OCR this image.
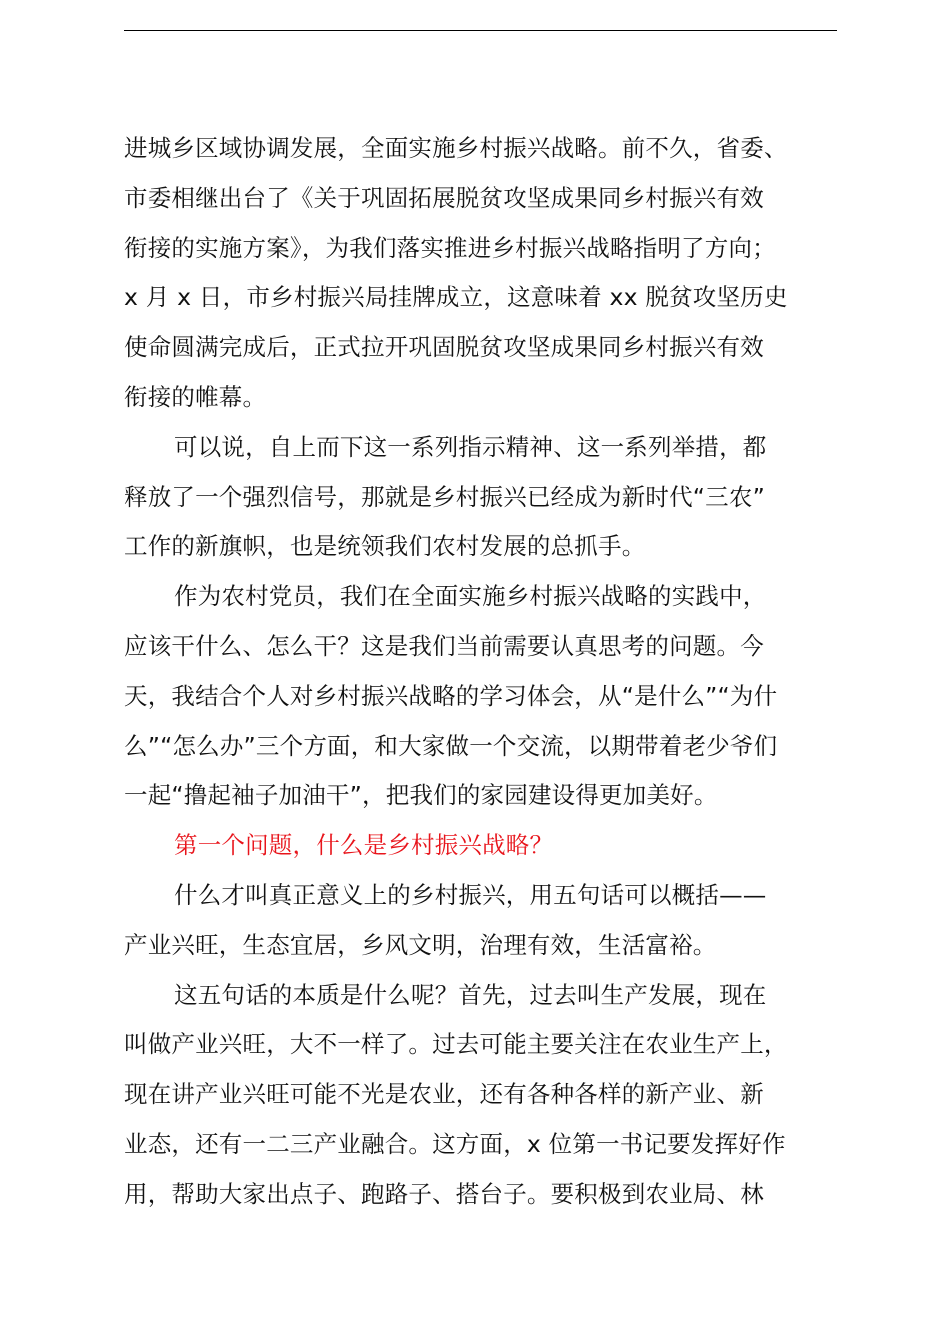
进城乡区域协调发展，全面实施乡村振兴战略。前不久，省委、
市委相继出台了《关于巩固拓展脱贫攻坚成果同乡村振兴有效
衔接的实施方案》，为我们落实推进乡村振兴战略指明了方向；
x 月 x 日，市乡村振兴局挂牌成立，这意味着 xx 脱贫攻坚历史
使命圆满完成后，正式拉开巩固脱贫攻坚成果同乡村振兴有效
衔接的帷幕。
可以说，自上而下这一系列指示精神、这一系列举措，都
释放了一个强烈信号，那就是乡村振兴已经成为新时代“三农”
工作的新旗帜，也是统领我们农村发展的总抓手。
作为农村党员，我们在全面实施乡村振兴战略的实践中，
应该干什么、怎么干？这是我们当前需要认真思考的问题。今
天，我结合个人对乡村振兴战略的学习体会，从“是什么”“为什
么”“怎么办”三个方面，和大家做一个交流，以期带着老少爷们
一起“撸起袖子加油干”，把我们的家园建设得更加美好。
第一个问题，什么是乡村振兴战略？
什么才叫真正意义上的乡村振兴，用五句话可以概括——
产业兴旺，生态宜居，乡风文明，治理有效，生活富裕。
这五句话的本质是什么呢？首先，过去叫生产发展，现在
叫做产业兴旺，大不一样了。过去可能主要关注在农业生产上，
现在讲产业兴旺可能不光是农业，还有各种各样的新产业、新
业态，还有一二三产业融合。这方面，x 位第一书记要发挥好作
用，帮助大家出点子、跑路子、搭台子。要积极到农业局、林
